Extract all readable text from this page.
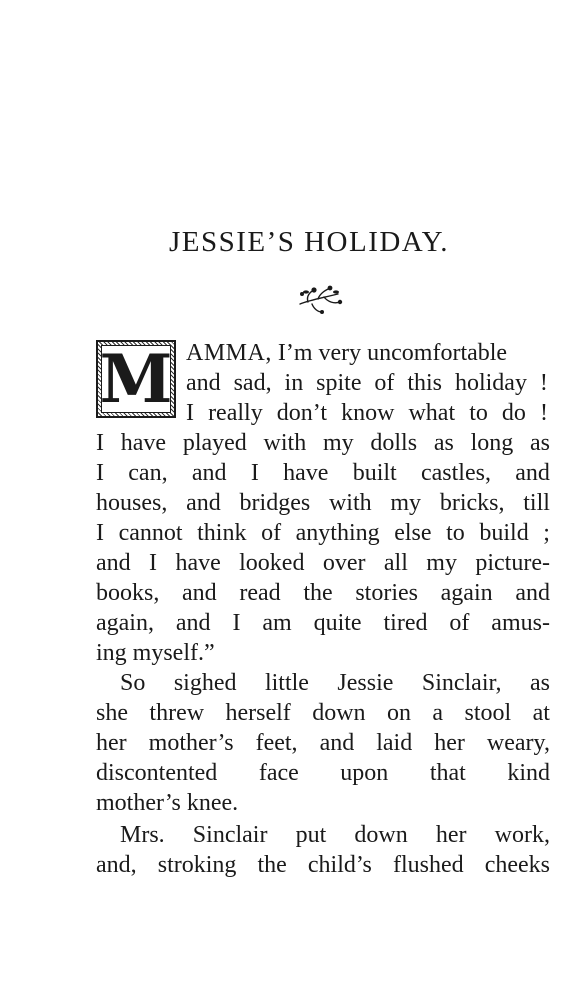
JESSIE’S HOLIDAY.
M AMMA, I’m very uncomfortable
and sad, in spite of this holiday !
I really don’t know what to do !
I have played with my dolls as long as
I can, and I have built castles, and
houses, and bridges with my bricks, till
I cannot think of anything else to build ;
and I have looked over all my picture-
books, and read the stories again and
again, and I am quite tired of amus-
ing myself.”
So sighed little Jessie Sinclair, as
she threw herself down on a stool at
her mother’s feet, and laid her weary,
discontented face upon that kind
mother’s knee.
Mrs. Sinclair put down her work,
and, stroking the child’s flushed cheeks
